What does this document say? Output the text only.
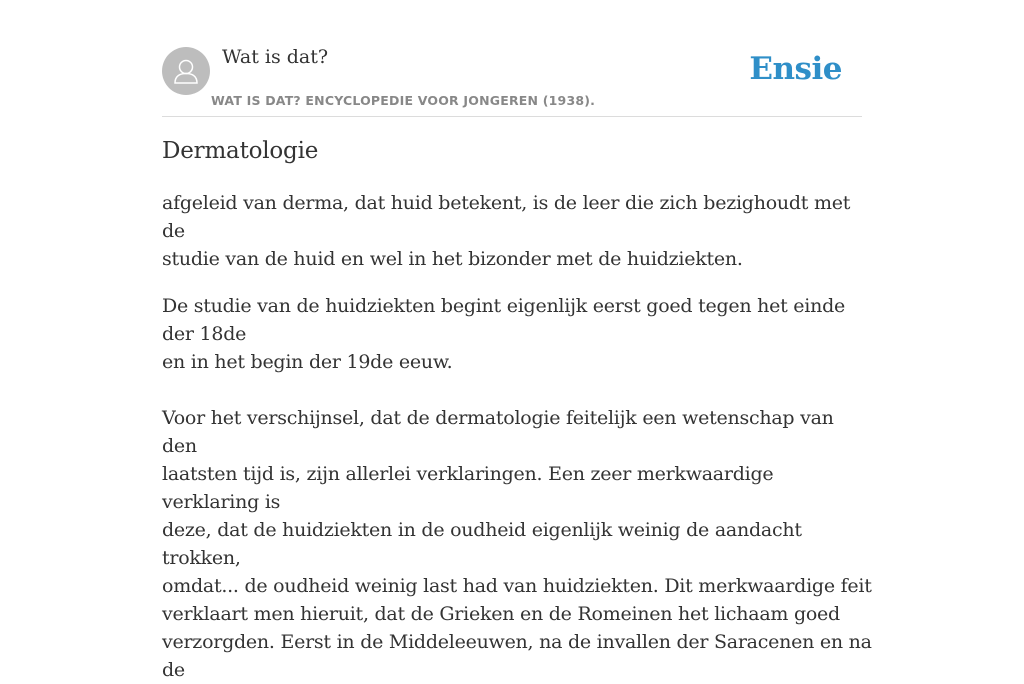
Wat is dat?
WAT IS DAT? ENCYCLOPEDIE VOOR JONGEREN (1938).
Ensie
Dermatologie

afgeleid van derma, dat huid betekent, is de leer die zich bezighoudt met de
studie van de huid en wel in het bizonder met de huidziekten.

De studie van de huidziekten begint eigenlijk eerst goed tegen het einde der 18de
en in het begin der 19de eeuw.

Voor het verschijnsel, dat de dermatologie feitelijk een wetenschap van den
laatsten tijd is, zijn allerlei verklaringen. Een zeer merkwaardige verklaring is
deze, dat de huidziekten in de oudheid eigenlijk weinig de aandacht trokken,
omdat... de oudheid weinig last had van huidziekten. Dit merkwaardige feit
verklaart men hieruit, dat de Grieken en de Romeinen het lichaam goed
verzorgden. Eerst in de Middeleeuwen, na de invallen der Saracenen en na de
